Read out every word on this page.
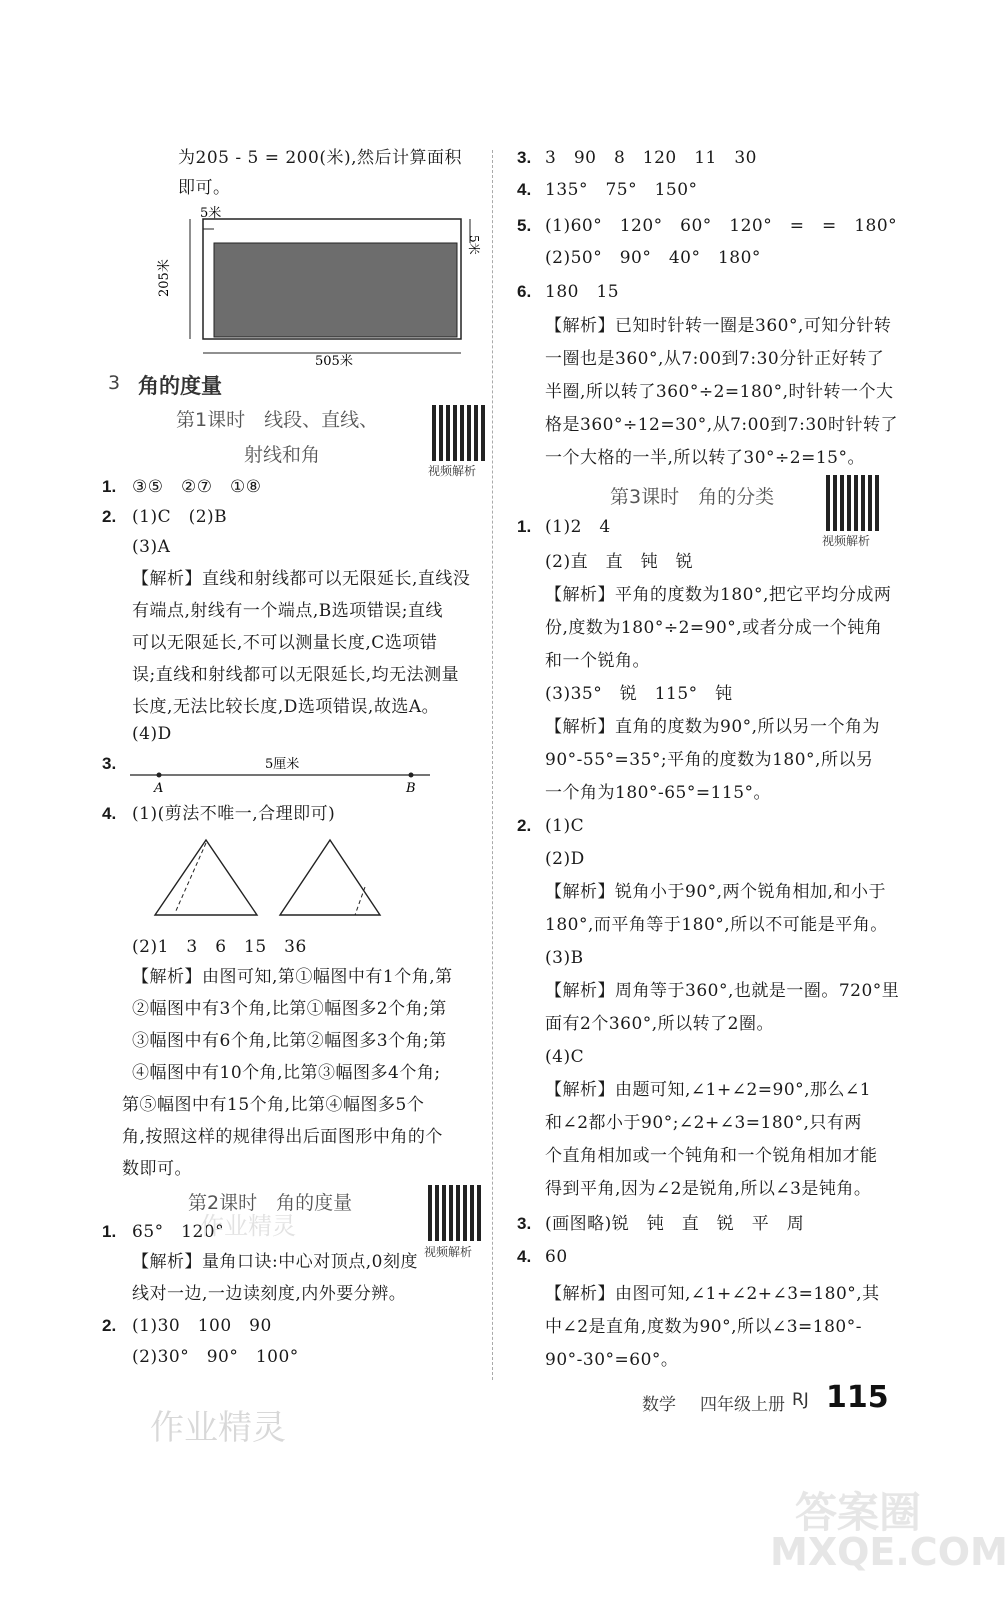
为205 - 5 = 200(米),然后计算面积
即可。
5米
5米
205米
505米
3 角的度量
第1课时　线段、直线、
射线和角
视频解析
1. ③⑤　②⑦　①⑧
2. (1)C　(2)B
(3)A
【解析】直线和射线都可以无限延长,直线没
有端点,射线有一个端点,B选项错误;直线
可以无限延长,不可以测量长度,C选项错
误;直线和射线都可以无限延长,均无法测量
长度,无法比较长度,D选项错误,故选A。
(4)D
3.	5厘米
A	B
4. (1)(剪法不唯一,合理即可)
(2)1　3　6　15　36
【解析】由图可知,第①幅图中有1个角,第
②幅图中有3个角,比第①幅图多2个角;第
③幅图中有6个角,比第②幅图多3个角;第
④幅图中有10个角,比第③幅图多4个角;
第⑤幅图中有15个角,比第④幅图多5个
角,按照这样的规律得出后面图形中角的个
数即可。
第2课时　角的度量
视频解析
1. 65°　120°
【解析】量角口诀:中心对顶点,0刻度
线对一边,一边读刻度,内外要分辨。
2. (1)30　100　90
(2)30°　90°　100°
3. 3　90　8　120　11　30
4. 135°　75°　150°
5. (1)60°　120°　60°　120°　=　=　180°
(2)50°　90°　40°　180°
6. 180　15
【解析】已知时针转一圈是360°,可知分针转
一圈也是360°,从7:00到7:30分针正好转了
半圈,所以转了360°÷2=180°,时针转一个大
格是360°÷12=30°,从7:00到7:30时针转了
一个大格的一半,所以转了30°÷2=15°。
第3课时　角的分类
视频解析
1. (1)2　4
(2)直　直　钝　锐
【解析】平角的度数为180°,把它平均分成两
份,度数为180°÷2=90°,或者分成一个钝角
和一个锐角。
(3)35°　锐　115°　钝
【解析】直角的度数为90°,所以另一个角为
90°-55°=35°;平角的度数为180°,所以另
一个角为180°-65°=115°。
2. (1)C
(2)D
【解析】锐角小于90°,两个锐角相加,和小于
180°,而平角等于180°,所以不可能是平角。
(3)B
【解析】周角等于360°,也就是一圈。720°里
面有2个360°,所以转了2圈。
(4)C
【解析】由题可知,∠1+∠2=90°,那么∠1
和∠2都小于90°;∠2+∠3=180°,只有两
个直角相加或一个钝角和一个锐角相加才能
得到平角,因为∠2是锐角,所以∠3是钝角。
3. (画图略)锐　钝　直　锐　平　周
4. 60
【解析】由图可知,∠1+∠2+∠3=180°,其
中∠2是直角,度数为90°,所以∠3=180°-
90°-30°=60°。
数学 四年级上册 RJ 115
作业精灵
作业精灵
答案圈
MXQE.COM
